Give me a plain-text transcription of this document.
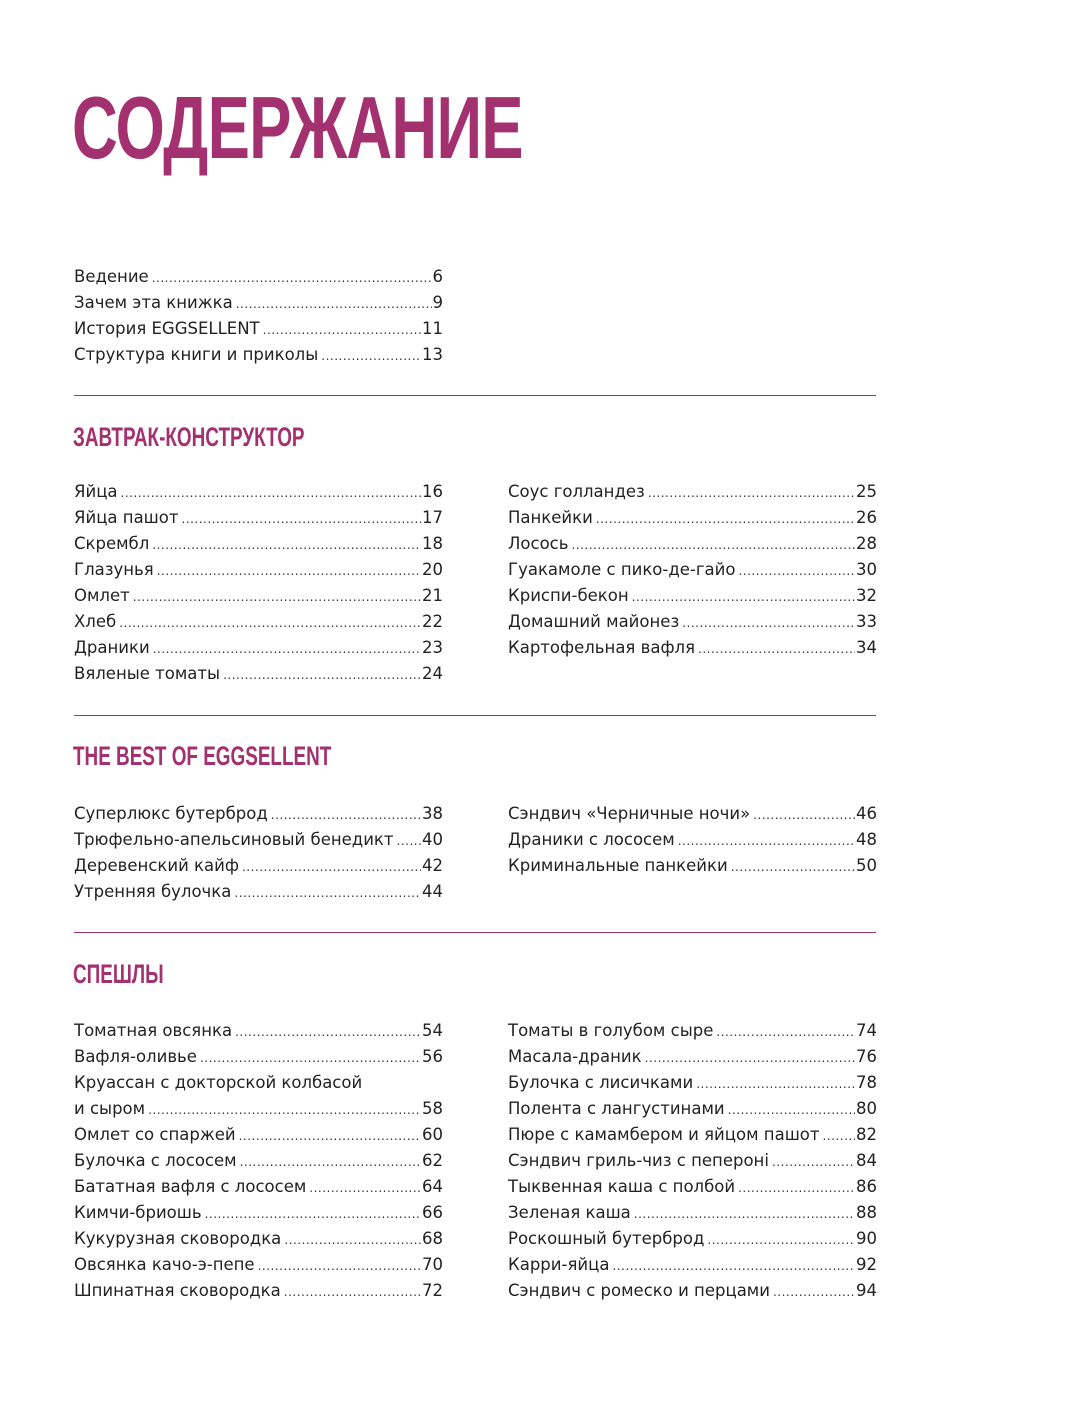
СОДЕРЖАНИЕ
Ведение .....	6
Зачем эта книжка .....	9
История EGGSELLENT .....	11
Структура книги и приколы .....	13
ЗАВТРАК-КОНСТРУКТОР
Яйца .....	16
Яйца пашот .....	17
Скрембл .....	18
Глазунья .....	20
Омлет .....	21
Хлеб .....	22
Драники .....	23
Вяленые томаты .....	24
Соус голландез .....	25
Панкейки .....	26
Лосось .....	28
Гуакамоле с пико-де-гайо .....	30
Криспи-бекон .....	32
Домашний майонез .....	33
Картофельная вафля .....	34
THE BEST OF EGGSELLENT
Суперлюкс бутерброд .....	38
Трюфельно-апельсиновый бенедикт ..... 40
Деревенский кайф .....	42
Утренняя булочка .....	44
Сэндвич «Черничные ночи» .....	46
Драники с лососем .....	48
Криминальные панкейки .....	50
СПЕШЛЫ
Томатная овсянка .....	54
Вафля-оливье .....	56
Круассан с докторской колбасой
и сыром .....	58
Омлет со спаржей .....	60
Булочка с лососем .....	62
Батaтная вафля с лососем .....	64
Кимчи-бриошь .....	66
Кукурузная сковородка .....	68
Овсянка качо-э-пепе .....	70
Шпинатная сковородка .....	72
Томаты в голубом сыре .....	74
Масала-драник .....	76
Булочка с лисичками .....	78
Полента с лангустинами .....	80
Пюре с камамбером и яйцом пашот ..... 82
Сэндвич гриль-чиз с пепероні .....	84
Тыквенная каша с полбой .....	86
Зеленая каша .....	88
Роскошный бутерброд .....	90
Карри-яйца .....	92
Сэндвич с ромеско и перцами .....	94
